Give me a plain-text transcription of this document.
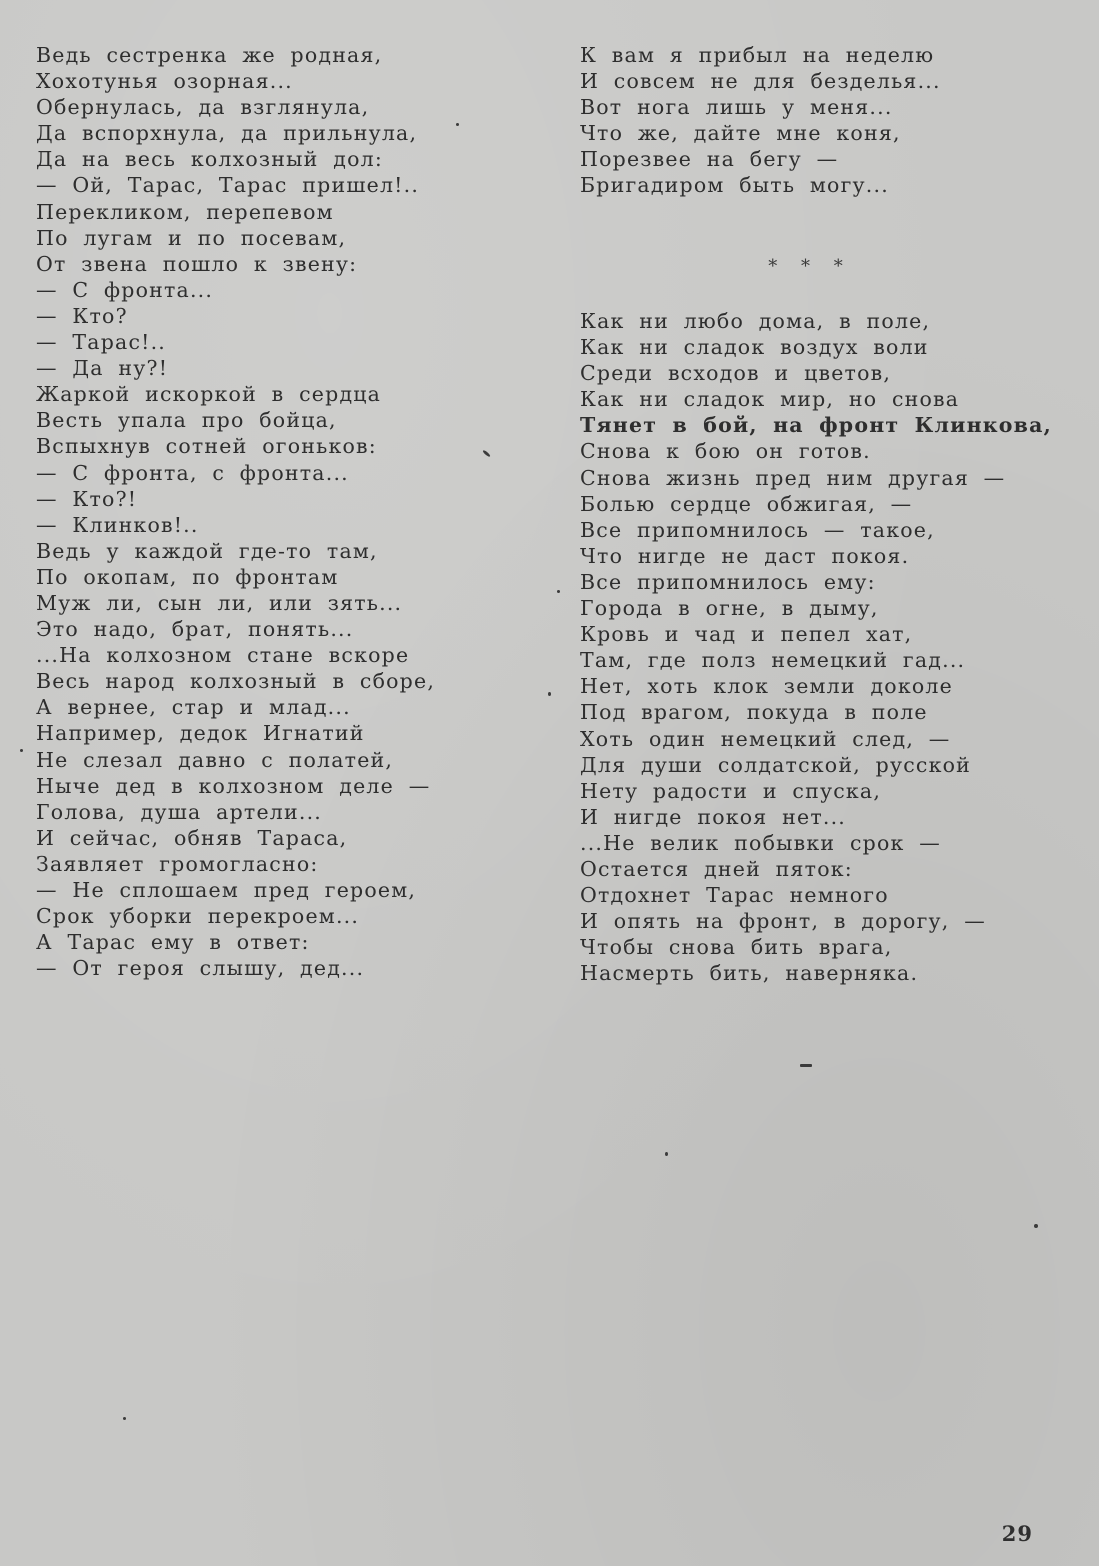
Ведь сестренка же родная,
Хохотунья озорная...
Обернулась, да взглянула,
Да вспорхнула, да прильнула,
Да на весь колхозный дол:
— Ой, Тарас, Тарас пришел!..
Перекликом, перепевом
По лугам и по посевам,
От звена пошло к звену:
— С фронта...
— Кто?
— Тарас!..
— Да ну?!
Жаркой искоркой в сердца
Весть упала про бойца,
Вспыхнув сотней огоньков:
— С фронта, с фронта...
— Кто?!
— Клинков!..
Ведь у каждой где-то там,
По окопам, по фронтам
Муж ли, сын ли, или зять...
Это надо, брат, понять...
...На колхозном стане вскоре
Весь народ колхозный в сборе,
А вернее, стар и млад...
Например, дедок Игнатий
Не слезал давно с полатей,
Ныче дед в колхозном деле —
Голова, душа артели...
И сейчас, обняв Тараса,
Заявляет громогласно:
— Не сплошаем пред героем,
Срок уборки перекроем...
А Тарас ему в ответ:
— От героя слышу, дед...
К вам я прибыл на неделю
И совсем не для безделья...
Вот нога лишь у меня...
Что же, дайте мне коня,
Порезвее на бегу —
Бригадиром быть могу...
* * *
Как ни любо дома, в поле,
Как ни сладок воздух воли
Среди всходов и цветов,
Как ни сладок мир, но снова
Тянет в бой, на фронт Клинкова,
Снова к бою он готов.
Снова жизнь пред ним другая —
Болью сердце обжигая, —
Все припомнилось — такое,
Что нигде не даст покоя.
Все припомнилось ему:
Города в огне, в дыму,
Кровь и чад и пепел хат,
Там, где полз немецкий гад...
Нет, хоть клок земли доколе
Под врагом, покуда в поле
Хоть один немецкий след, —
Для души солдатской, русской
Нету радости и спуска,
И нигде покоя нет...
...Не велик побывки срок —
Остается дней пяток:
Отдохнет Тарас немного
И опять на фронт, в дорогу, —
Чтобы снова бить врага,
Насмерть бить, наверняка.
29
